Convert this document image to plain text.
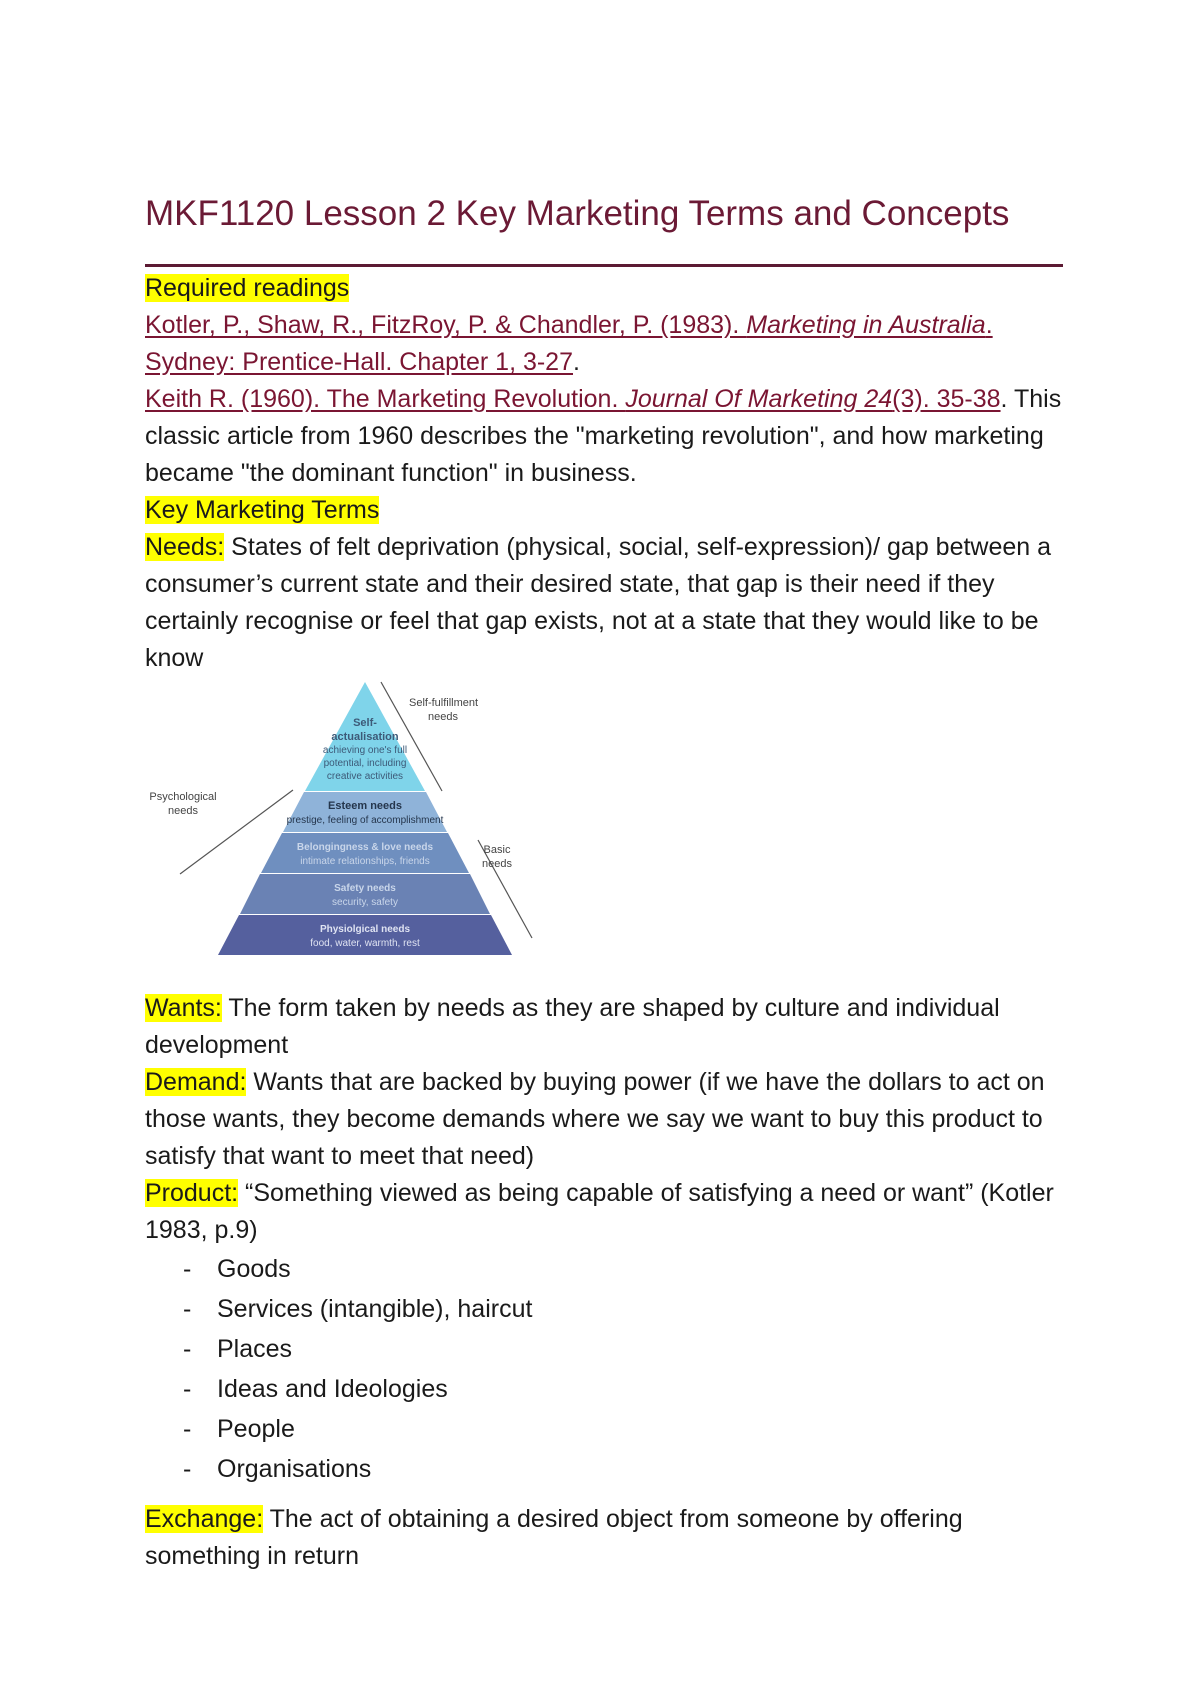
MKF1120 Lesson 2 Key Marketing Terms and Concepts

Required readings

Kotler, P., Shaw, R., FitzRoy, P. & Chandler, P. (1983). Marketing in Australia. Sydney: Prentice-Hall. Chapter 1, 3-27.

Keith R. (1960). The Marketing Revolution. Journal Of Marketing 24(3). 35-38. This classic article from 1960 describes the "marketing revolution", and how marketing became "the dominant function" in business.

Key Marketing Terms

Needs: States of felt deprivation (physical, social, self-expression)/ gap between a consumer’s current state and their desired state, that gap is their need if they certainly recognise or feel that gap exists, not at a state that they would like to be know

Self-fulfillment
needs
Psychological
needs
Basic
needs
Self-
actualisation
achieving one's full
potential, including
creative activities
Esteem needs
prestige, feeling of accomplishment
Belongingness & love needs
intimate relationships, friends
Safety needs
security, safety
Physiolgical needs
food, water, warmth, rest

Wants: The form taken by needs as they are shaped by culture and individual development

Demand: Wants that are backed by buying power (if we have the dollars to act on those wants, they become demands where we say we want to buy this product to satisfy that want to meet that need)

Product: “Something viewed as being capable of satisfying a need or want” (Kotler 1983, p.9)

- Goods
- Services (intangible), haircut
- Places
- Ideas and Ideologies
- People
- Organisations

Exchange: The act of obtaining a desired object from someone by offering something in return
